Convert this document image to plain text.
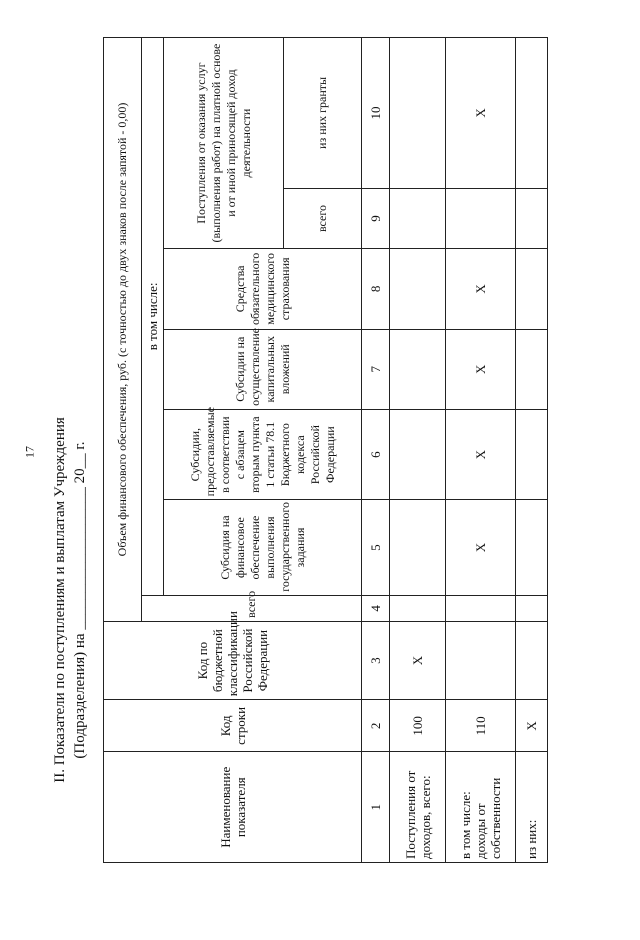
17 II. Показатели по поступлениям и выплатам Учреждения (Подразделения) на ___________________ 20__ г.
Наименование показателя	Код строки	Код по бюджетной классификации Российской Федерации	Объем финансового обеспечения, руб. (с точностью до двух знаков после запятой - 0,00)						
			всего	в том числе:					
				Субсидия на финансовое обеспечение выполнения государственного задания	Субсидии, предоставляемые в соответствии с абзацем вторым пункта 1 статьи 78.1 Бюджетного кодекса Российской Федерации	Субсидии на осуществление капитальных вложений	Средства обязательного медицинского страхования	Поступления от оказания услуг (выполнения работ) на платной основе и от иной приносящей доход деятельности	
								всего	из них гранты
1	2	3	4	5	6	7	8	9	10
Поступления от доходов, всего:	100	X							
в том числе: доходы от собственности	110			X	X	X	X		X
из них:	X								
